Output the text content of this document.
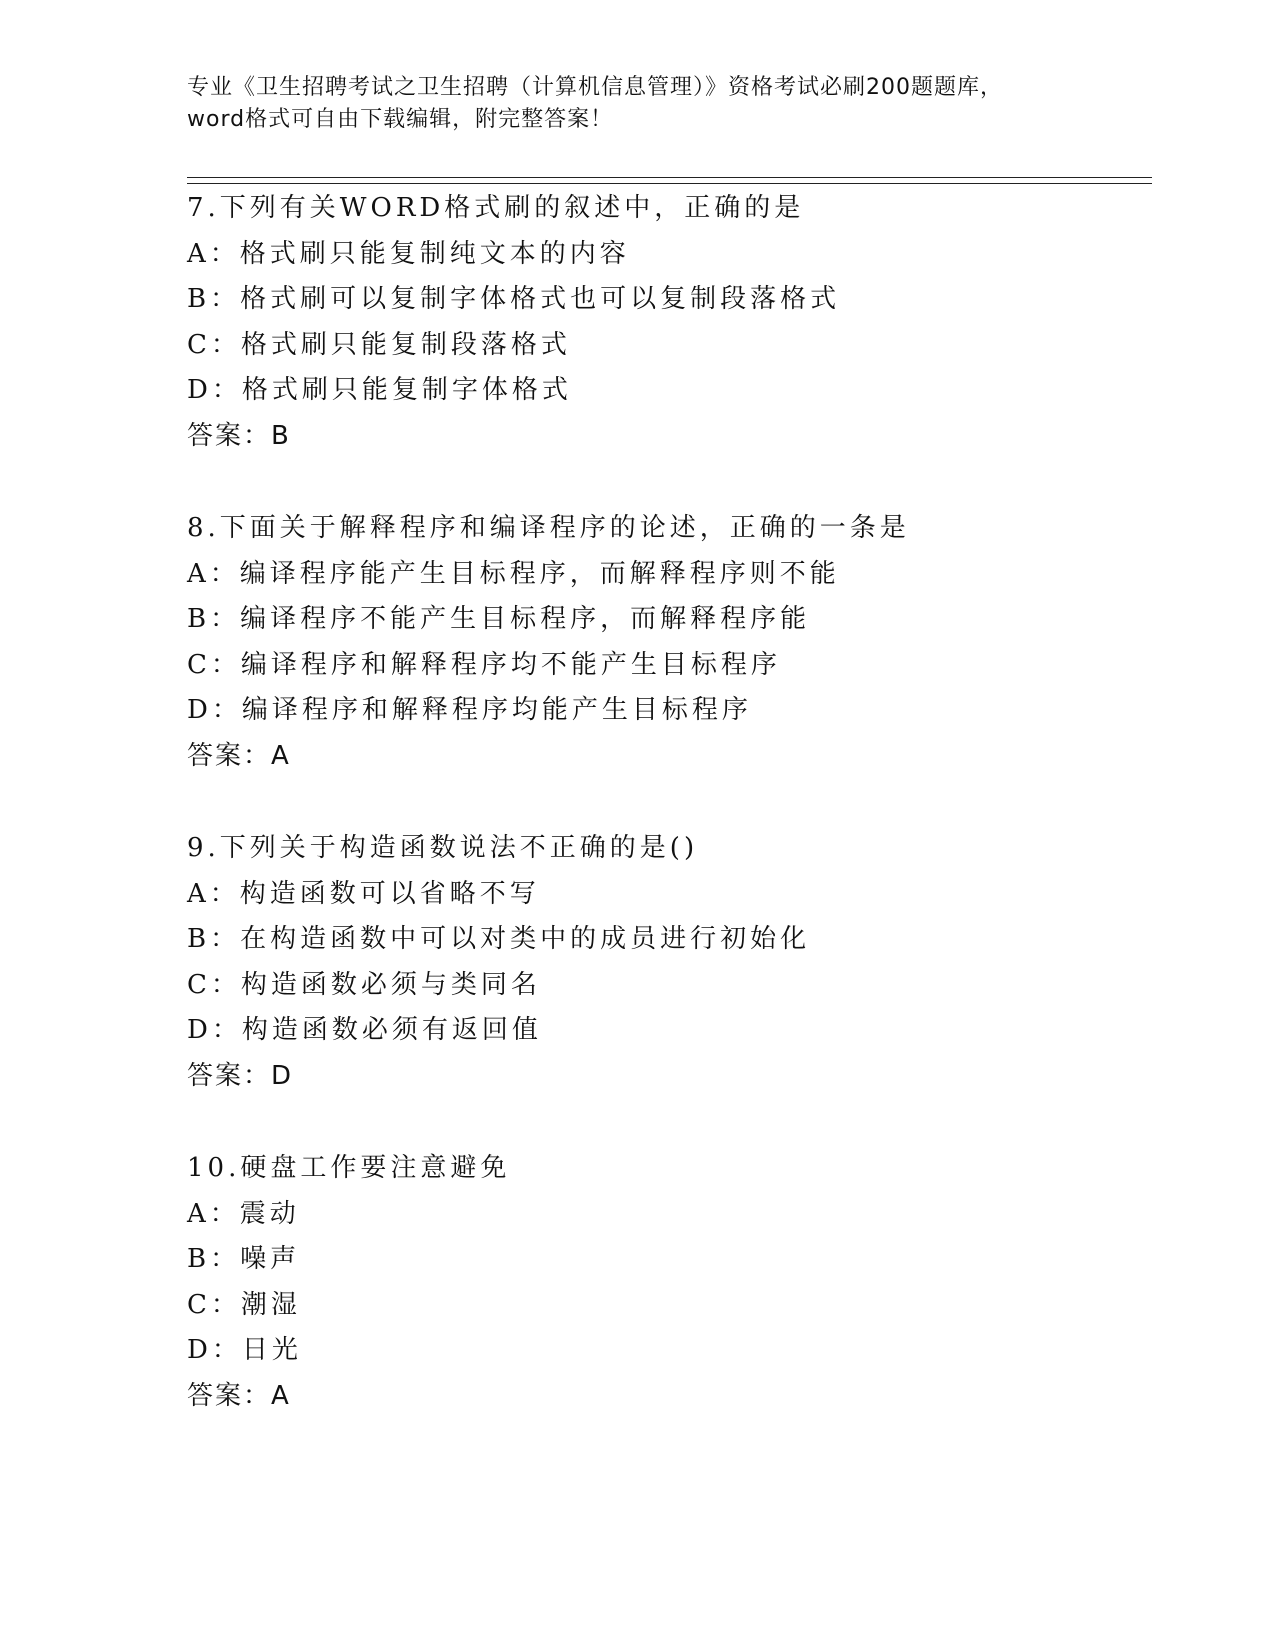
专业《卫生招聘考试之卫生招聘（计算机信息管理）》资格考试必刷200题题库，
word格式可自由下载编辑，附完整答案！
7.下列有关WORD格式刷的叙述中，正确的是
A：格式刷只能复制纯文本的内容
B：格式刷可以复制字体格式也可以复制段落格式
C：格式刷只能复制段落格式
D：格式刷只能复制字体格式
答案：B
8.下面关于解释程序和编译程序的论述，正确的一条是
A：编译程序能产生目标程序，而解释程序则不能
B：编译程序不能产生目标程序，而解释程序能
C：编译程序和解释程序均不能产生目标程序
D：编译程序和解释程序均能产生目标程序
答案：A
9.下列关于构造函数说法不正确的是()
A：构造函数可以省略不写
B：在构造函数中可以对类中的成员进行初始化
C：构造函数必须与类同名
D：构造函数必须有返回值
答案：D
10.硬盘工作要注意避免
A：震动
B：噪声
C：潮湿
D：日光
答案：A
